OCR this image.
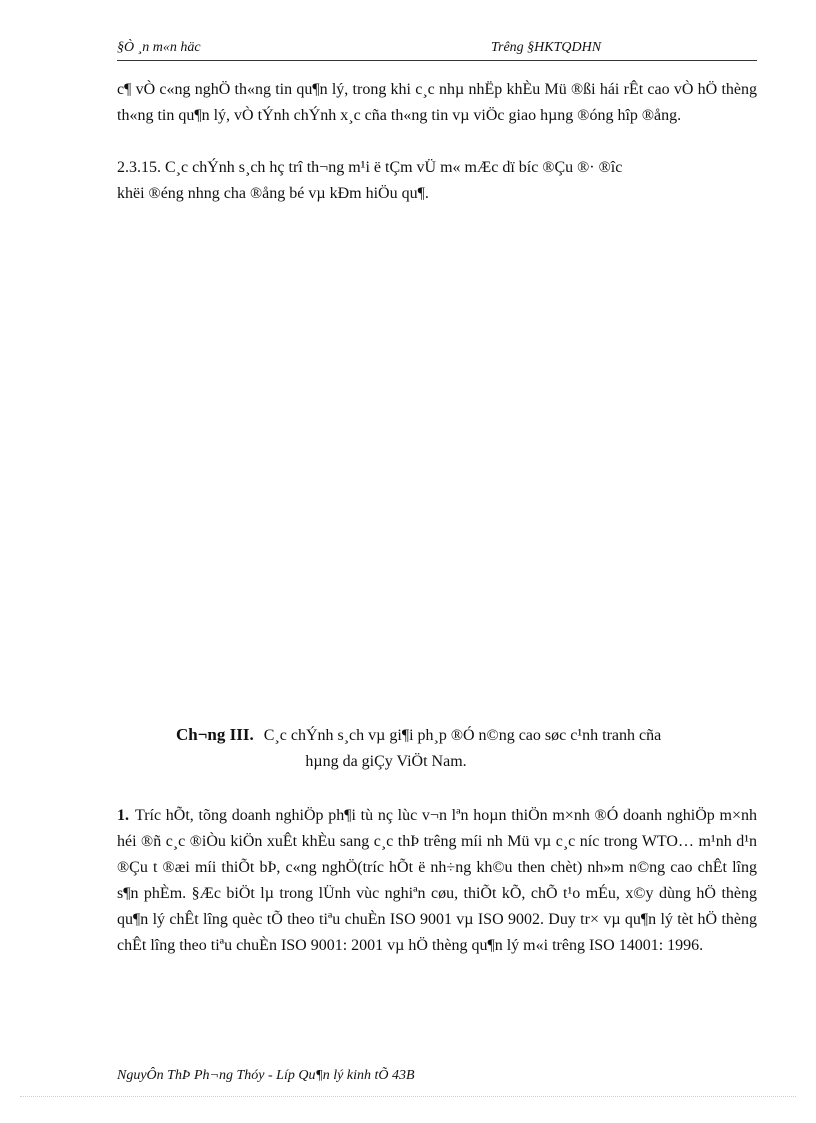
§Ò ¸n m«n häc	Trêng §HKTQDHN

c¶ vÒ c«ng nghÖ th«ng tin qu¶n lý, trong khi c¸c nhµ nhËp khÈu Mü ®ßi hái rÊt cao vÒ hÖ thèng th«ng tin qu¶n lý, vÒ tÝnh chÝnh x¸c cña th«ng tin vµ viÖc giao hµng ®óng hîp ®ång.

2.3.15. C¸c chÝnh s¸ch hç trî th¬ng m¹i ë tÇm vÜ m« mÆc dï bíc ®Çu ®· ®îc
khëi ®éng nhng cha ®ång bé vµ kÐm hiÖu qu¶.

Ch¬ng III. C¸c chÝnh s¸ch vµ gi¶i ph¸p ®Ó n©ng cao søc c¹nh tranh cña
hµng da giÇy ViÖt Nam.

1. Tríc hÕt, tõng doanh nghiÖp ph¶i tù nç lùc v¬n lªn hoµn thiÖn m×nh ®Ó doanh nghiÖp m×nh héi ®ñ c¸c ®iÒu kiÖn xuÊt khÈu sang c¸c thÞ trêng míi nh Mü vµ c¸c níc trong WTO… m¹nh d¹n ®Çu t ®æi míi thiÕt bÞ, c«ng nghÖ(tríc hÕt ë nh÷ng kh©u then chèt) nh»m n©ng cao chÊt lîng s¶n phÈm. §Æc biÖt lµ trong lÜnh vùc nghiªn cøu, thiÕt kÕ, chÕ t¹o mÉu, x©y dùng hÖ thèng qu¶n lý chÊt lîng quèc tÕ theo tiªu chuÈn ISO 9001 vµ ISO 9002. Duy tr× vµ qu¶n lý tèt hÖ thèng chÊt lîng theo tiªu chuÈn ISO 9001: 2001 vµ hÖ thèng qu¶n lý m«i trêng ISO 14001: 1996.

NguyÔn ThÞ Ph¬ng Thóy - Líp Qu¶n lý kinh tÕ 43B
